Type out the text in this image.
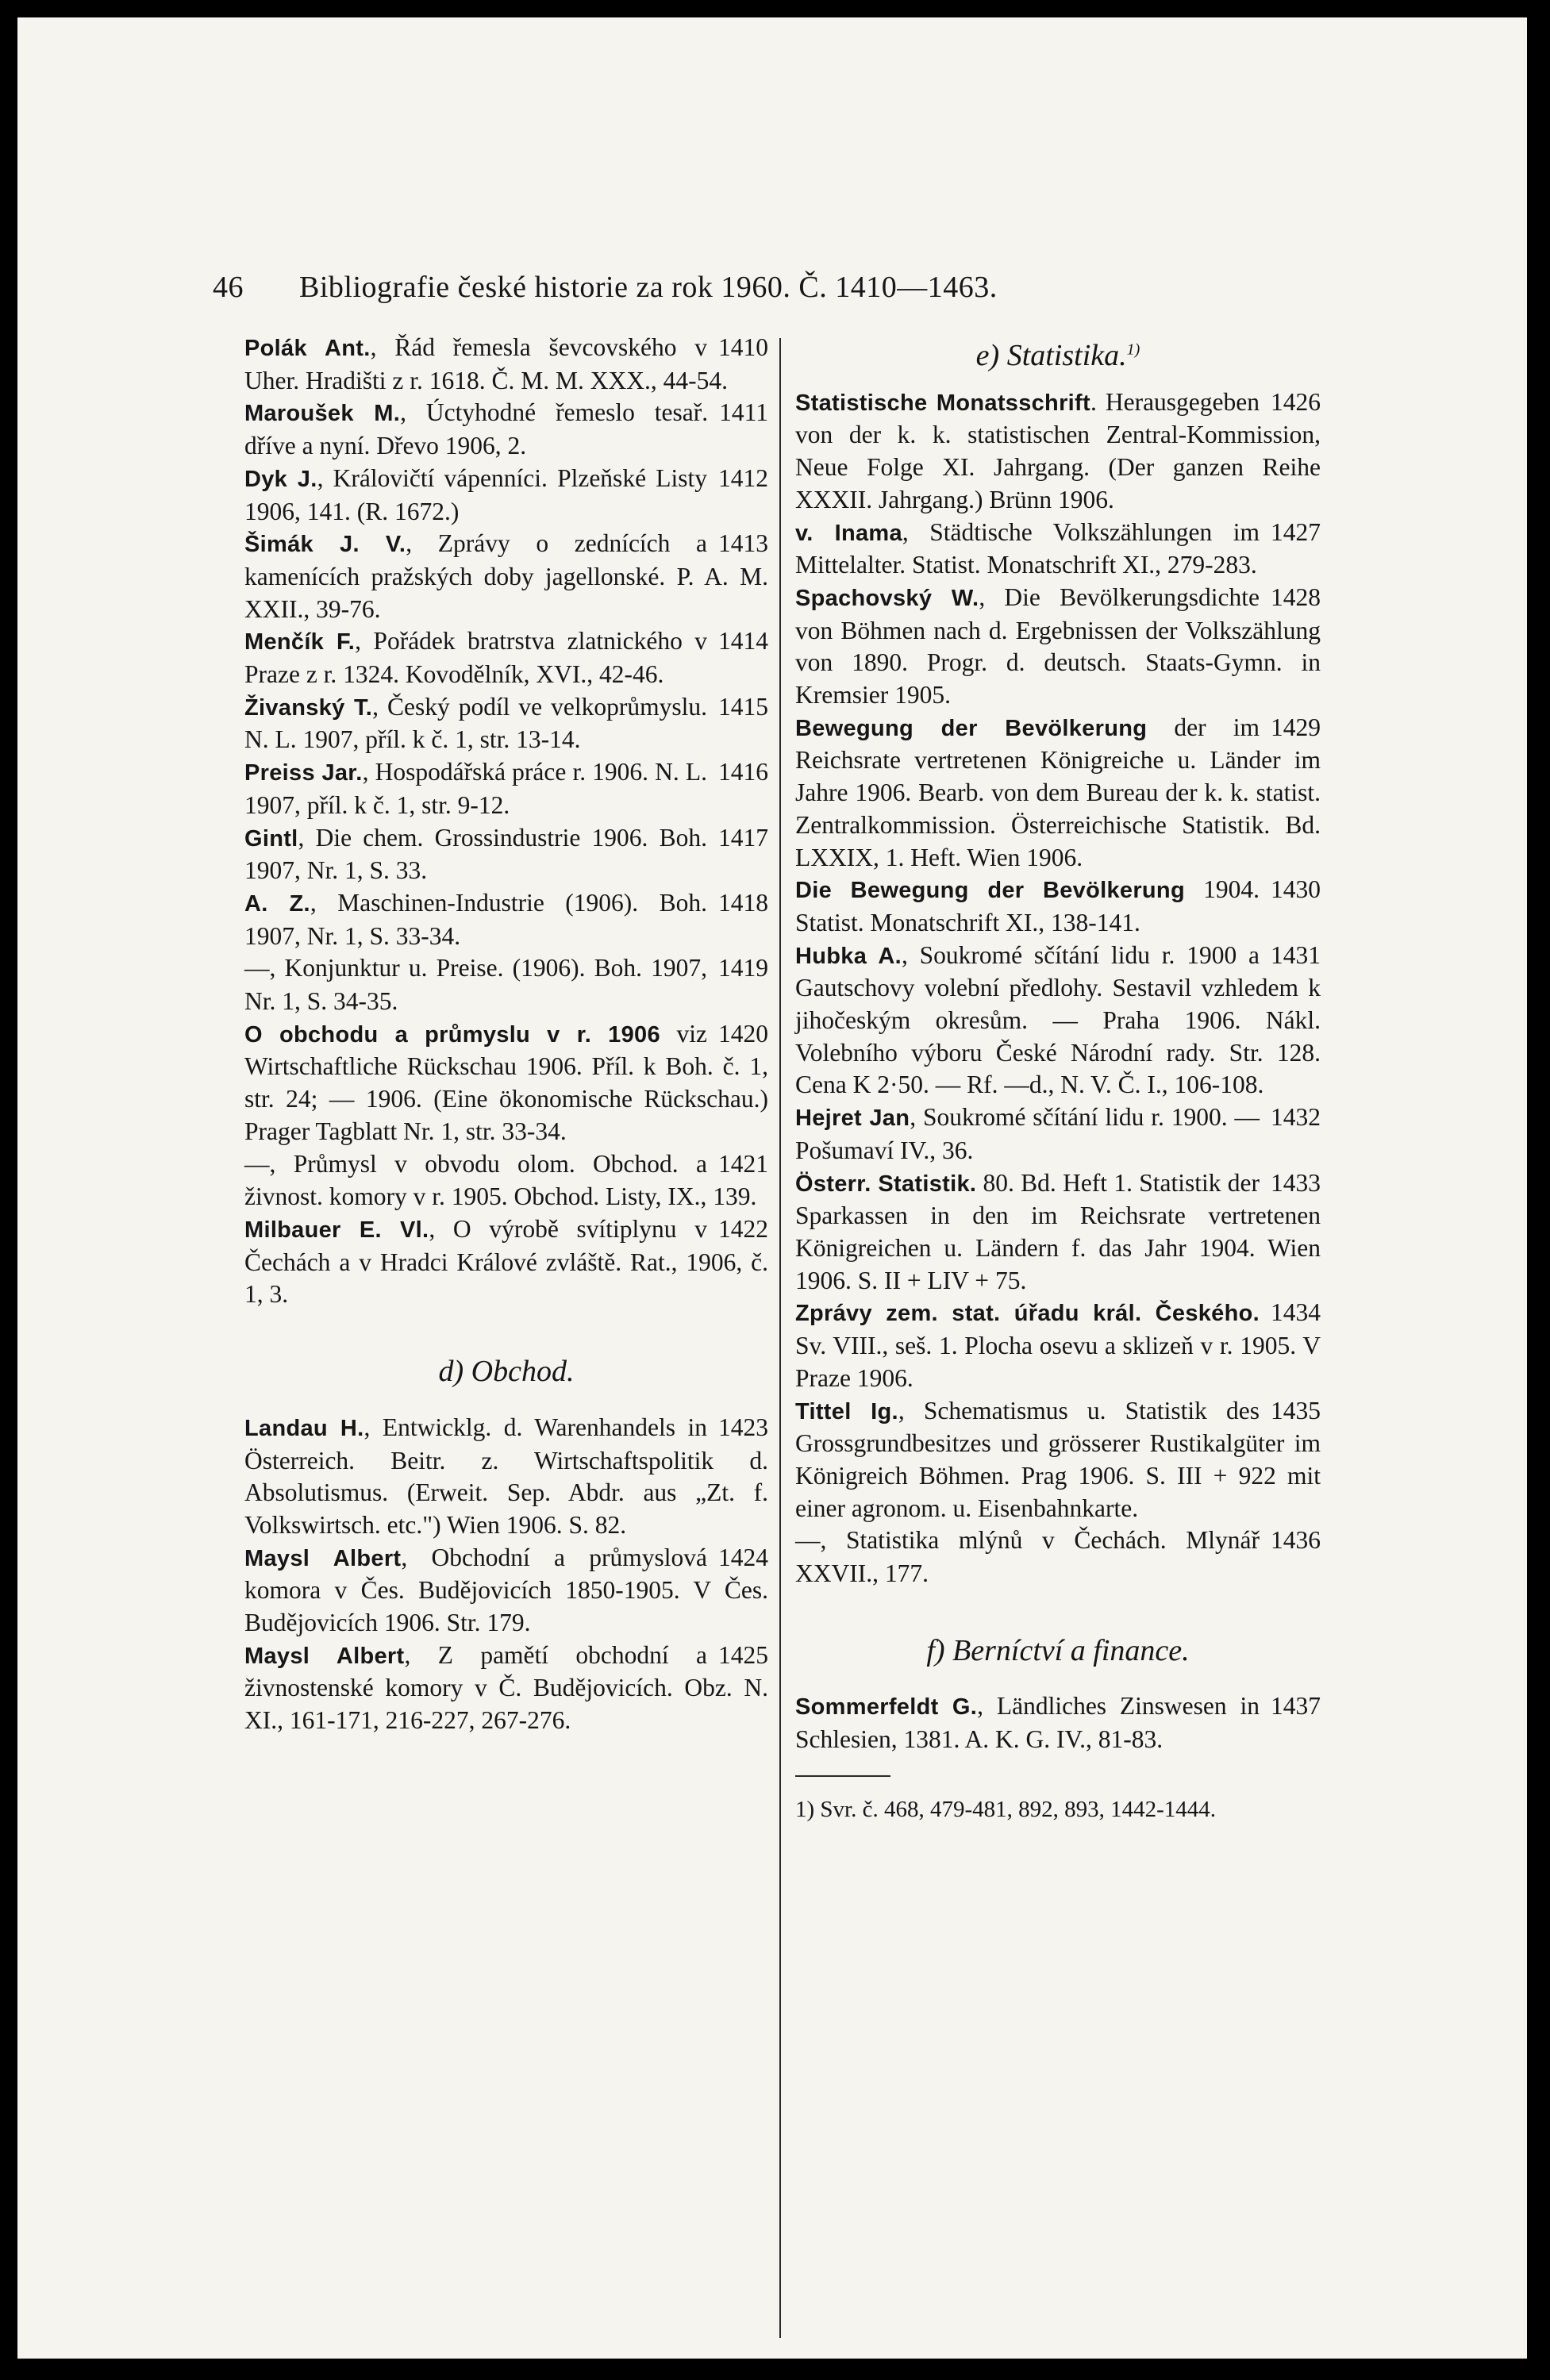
46 Bibliografie české historie za rok 1960. Č. 1410—1463.

1410
Polák Ant., Řád řemesla ševcovského v Uher. Hradišti z r. 1618. Č. M. M. XXX., 44-54.

1411
Maroušek M., Úctyhodné řemeslo tesař. dříve a nyní. Dřevo 1906, 2.

1412
Dyk J., Královičtí vápenníci. Plzeňské Listy 1906, 141. (R. 1672.)

1413
Šimák J. V., Zprávy o zednících a kamenících pražských doby jagellonské. P. A. M. XXII., 39-76.

1414
Menčík F., Pořádek bratrstva zlatnického v Praze z r. 1324. Kovodělník, XVI., 42-46.

1415
Živanský T., Český podíl ve velkoprůmyslu. N. L. 1907, příl. k č. 1, str. 13-14.

1416
Preiss Jar., Hospodářská práce r. 1906. N. L. 1907, příl. k č. 1, str. 9-12.

1417
Gintl, Die chem. Grossindustrie 1906. Boh. 1907, Nr. 1, S. 33.

1418
A. Z., Maschinen-Industrie (1906). Boh. 1907, Nr. 1, S. 33-34.

1419
—, Konjunktur u. Preise. (1906). Boh. 1907, Nr. 1, S. 34-35.

1420
O obchodu a průmyslu v r. 1906 viz Wirtschaftliche Rückschau 1906. Příl. k Boh. č. 1, str. 24; — 1906. (Eine ökonomische Rückschau.) Prager Tagblatt Nr. 1, str. 33-34.

1421
—, Průmysl v obvodu olom. Obchod. a živnost. komory v r. 1905. Obchod. Listy, IX., 139.

1422
Milbauer E. Vl., O výrobě svítiplynu v Čechách a v Hradci Králové zvláště. Rat., 1906, č. 1, 3.

d) Obchod.

1423
Landau H., Entwicklg. d. Warenhandels in Österreich. Beitr. z. Wirtschaftspolitik d. Absolutismus. (Erweit. Sep. Abdr. aus „Zt. f. Volkswirtsch. etc.") Wien 1906. S. 82.

1424
Maysl Albert, Obchodní a průmyslová komora v Čes. Budějovicích 1850-1905. V Čes. Budějovicích 1906. Str. 179.

1425
Maysl Albert, Z pamětí obchodní a živnostenské komory v Č. Budějovicích. Obz. N. XI., 161-171, 216-227, 267-276.

e) Statistika.$^{1)}$

1426
Statistische Monatsschrift. Herausgegeben von der k. k. statistischen Zentral-Kommission, Neue Folge XI. Jahrgang. (Der ganzen Reihe XXXII. Jahrgang.) Brünn 1906.

1427
v. Inama, Städtische Volkszählungen im Mittelalter. Statist. Monatschrift XI., 279-283.

1428
Spachovský W., Die Bevölkerungsdichte von Böhmen nach d. Ergebnissen der Volkszählung von 1890. Progr. d. deutsch. Staats-Gymn. in Kremsier 1905.

1429
Bewegung der Bevölkerung der im Reichsrate vertretenen Königreiche u. Länder im Jahre 1906. Bearb. von dem Bureau der k. k. statist. Zentralkommission. Österreichische Statistik. Bd. LXXIX, 1. Heft. Wien 1906.

1430
Die Bewegung der Bevölkerung 1904. Statist. Monatschrift XI., 138-141.

1431
Hubka A., Soukromé sčítání lidu r. 1900 a Gautschovy volební předlohy. Sestavil vzhledem k jihočeským okresům. — Praha 1906. Nákl. Volebního výboru České Národní rady. Str. 128. Cena K 2·50. — Rf. —d., N. V. Č. I., 106-108.

1432
Hejret Jan, Soukromé sčítání lidu r. 1900. — Pošumaví IV., 36.

1433
Österr. Statistik. 80. Bd. Heft 1. Statistik der Sparkassen in den im Reichsrate vertretenen Königreichen u. Ländern f. das Jahr 1904. Wien 1906. S. II + LIV + 75.

1434
Zprávy zem. stat. úřadu král. Českého. Sv. VIII., seš. 1. Plocha osevu a sklizeň v r. 1905. V Praze 1906.

1435
Tittel Ig., Schematismus u. Statistik des Grossgrundbesitzes und grösserer Rustikalgüter im Königreich Böhmen. Prag 1906. S. III + 922 mit einer agronom. u. Eisenbahnkarte.

1436
—, Statistika mlýnů v Čechách. Mlynář XXVII., 177.

f) Berníctví a finance.

1437
Sommerfeldt G., Ländliches Zinswesen in Schlesien, 1381. A. K. G. IV., 81-83.

1) Svr. č. 468, 479-481, 892, 893, 1442-1444.
